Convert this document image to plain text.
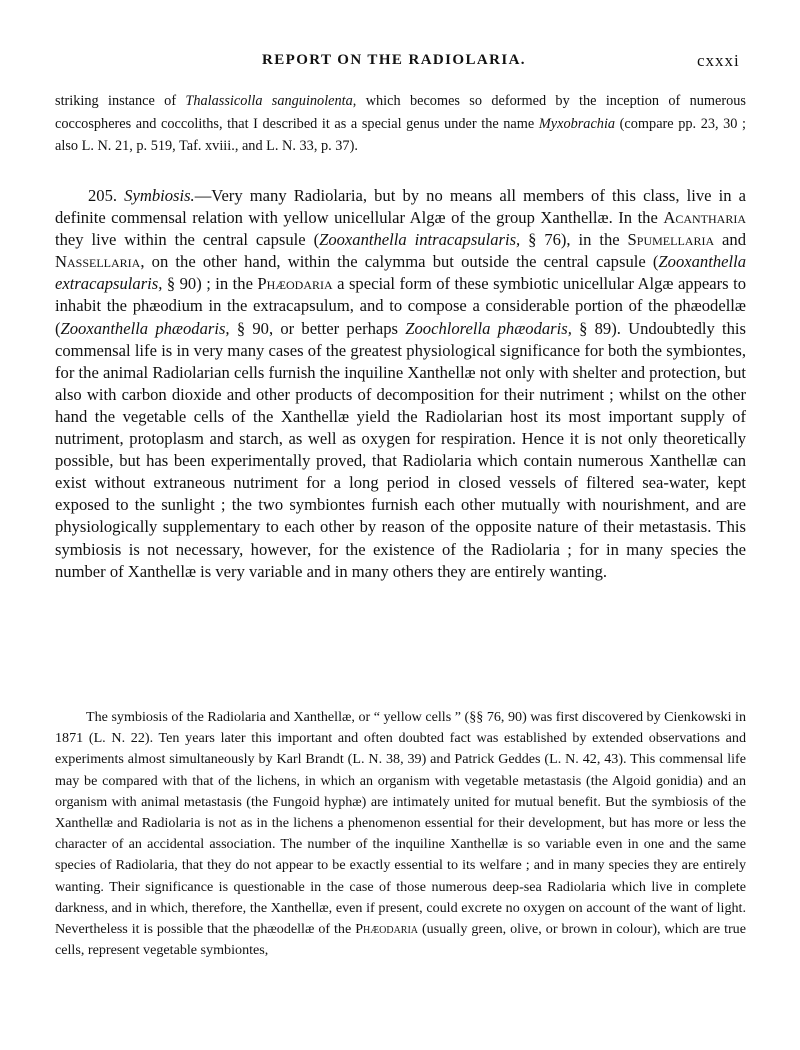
REPORT ON THE RADIOLARIA.	cxxxi
striking instance of Thalassicolla sanguinolenta, which becomes so deformed by the inception of numerous coccospheres and coccoliths, that I described it as a special genus under the name Myxobrachia (compare pp. 23, 30 ; also L. N. 21, p. 519, Taf. xviii., and L. N. 33, p. 37).
205. Symbiosis.—Very many Radiolaria, but by no means all members of this class, live in a definite commensal relation with yellow unicellular Algæ of the group Xanthellæ. In the Acantharia they live within the central capsule (Zooxanthella intracapsularis, § 76), in the Spumellaria and Nassellaria, on the other hand, within the calymma but outside the central capsule (Zooxanthella extracapsularis, § 90) ; in the Phæodaria a special form of these symbiotic unicellular Algæ appears to inhabit the phæodium in the extracapsulum, and to compose a considerable portion of the phæodellæ (Zooxanthella phæodaris, § 90, or better perhaps Zoochlorella phæodaris, § 89). Undoubtedly this commensal life is in very many cases of the greatest physiological significance for both the symbiontes, for the animal Radiolarian cells furnish the inquiline Xanthellæ not only with shelter and protection, but also with carbon dioxide and other products of decomposition for their nutriment ; whilst on the other hand the vegetable cells of the Xanthellæ yield the Radiolarian host its most important supply of nutriment, protoplasm and starch, as well as oxygen for respiration. Hence it is not only theoretically possible, but has been experimentally proved, that Radiolaria which contain numerous Xanthellæ can exist without extraneous nutriment for a long period in closed vessels of filtered sea-water, kept exposed to the sunlight ; the two symbiontes furnish each other mutually with nourishment, and are physiologically supplementary to each other by reason of the opposite nature of their metastasis. This symbiosis is not necessary, however, for the existence of the Radiolaria ; for in many species the number of Xanthellæ is very variable and in many others they are entirely wanting.
The symbiosis of the Radiolaria and Xanthellæ, or “ yellow cells ” (§§ 76, 90) was first discovered by Cienkowski in 1871 (L. N. 22). Ten years later this important and often doubted fact was established by extended observations and experiments almost simultaneously by Karl Brandt (L. N. 38, 39) and Patrick Geddes (L. N. 42, 43). This commensal life may be compared with that of the lichens, in which an organism with vegetable metastasis (the Algoid gonidia) and an organism with animal metastasis (the Fungoid hyphæ) are intimately united for mutual benefit. But the symbiosis of the Xanthellæ and Radiolaria is not as in the lichens a phenomenon essential for their development, but has more or less the character of an accidental association. The number of the inquiline Xanthellæ is so variable even in one and the same species of Radiolaria, that they do not appear to be exactly essential to its welfare ; and in many species they are entirely wanting. Their significance is questionable in the case of those numerous deep-sea Radiolaria which live in complete darkness, and in which, therefore, the Xanthellæ, even if present, could excrete no oxygen on account of the want of light. Nevertheless it is possible that the phæodellæ of the Phæodaria (usually green, olive, or brown in colour), which are true cells, represent vegetable symbiontes,
